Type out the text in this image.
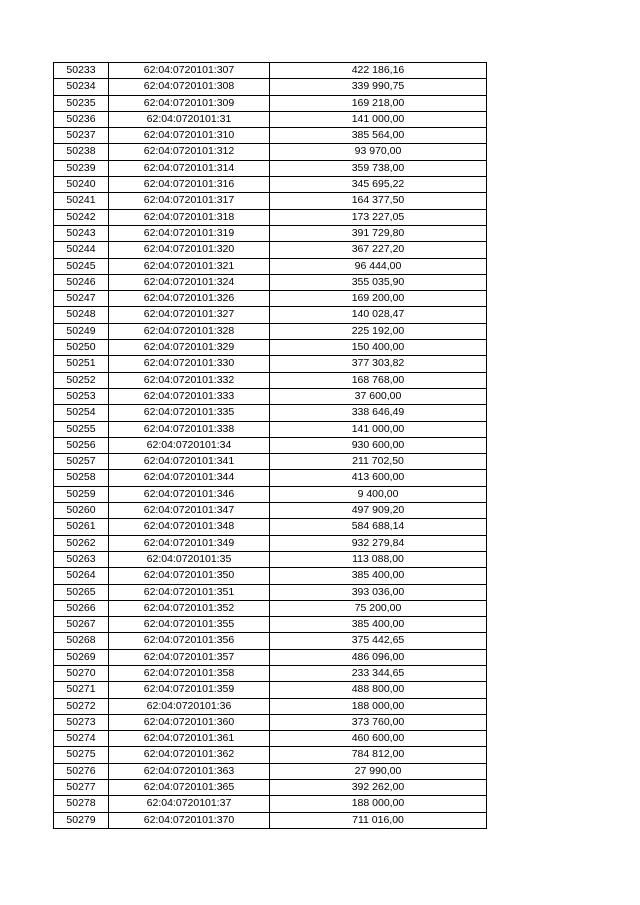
50233	62:04:0720101:307	422 186,16
50234	62:04:0720101:308	339 990,75
50235	62:04:0720101:309	169 218,00
50236	62:04:0720101:31	141 000,00
50237	62:04:0720101:310	385 564,00
50238	62:04:0720101:312	93 970,00
50239	62:04:0720101:314	359 738,00
50240	62:04:0720101:316	345 695,22
50241	62:04:0720101:317	164 377,50
50242	62:04:0720101:318	173 227,05
50243	62:04:0720101:319	391 729,80
50244	62:04:0720101:320	367 227,20
50245	62:04:0720101:321	96 444,00
50246	62:04:0720101:324	355 035,90
50247	62:04:0720101:326	169 200,00
50248	62:04:0720101:327	140 028,47
50249	62:04:0720101:328	225 192,00
50250	62:04:0720101:329	150 400,00
50251	62:04:0720101:330	377 303,82
50252	62:04:0720101:332	168 768,00
50253	62:04:0720101:333	37 600,00
50254	62:04:0720101:335	338 646,49
50255	62:04:0720101:338	141 000,00
50256	62:04:0720101:34	930 600,00
50257	62:04:0720101:341	211 702,50
50258	62:04:0720101:344	413 600,00
50259	62:04:0720101:346	9 400,00
50260	62:04:0720101:347	497 909,20
50261	62:04:0720101:348	584 688,14
50262	62:04:0720101:349	932 279,84
50263	62:04:0720101:35	113 088,00
50264	62:04:0720101:350	385 400,00
50265	62:04:0720101:351	393 036,00
50266	62:04:0720101:352	75 200,00
50267	62:04:0720101:355	385 400,00
50268	62:04:0720101:356	375 442,65
50269	62:04:0720101:357	486 096,00
50270	62:04:0720101:358	233 344,65
50271	62:04:0720101:359	488 800,00
50272	62:04:0720101:36	188 000,00
50273	62:04:0720101:360	373 760,00
50274	62:04:0720101:361	460 600,00
50275	62:04:0720101:362	784 812,00
50276	62:04:0720101:363	27 990,00
50277	62:04:0720101:365	392 262,00
50278	62:04:0720101:37	188 000,00
50279	62:04:0720101:370	711 016,00
